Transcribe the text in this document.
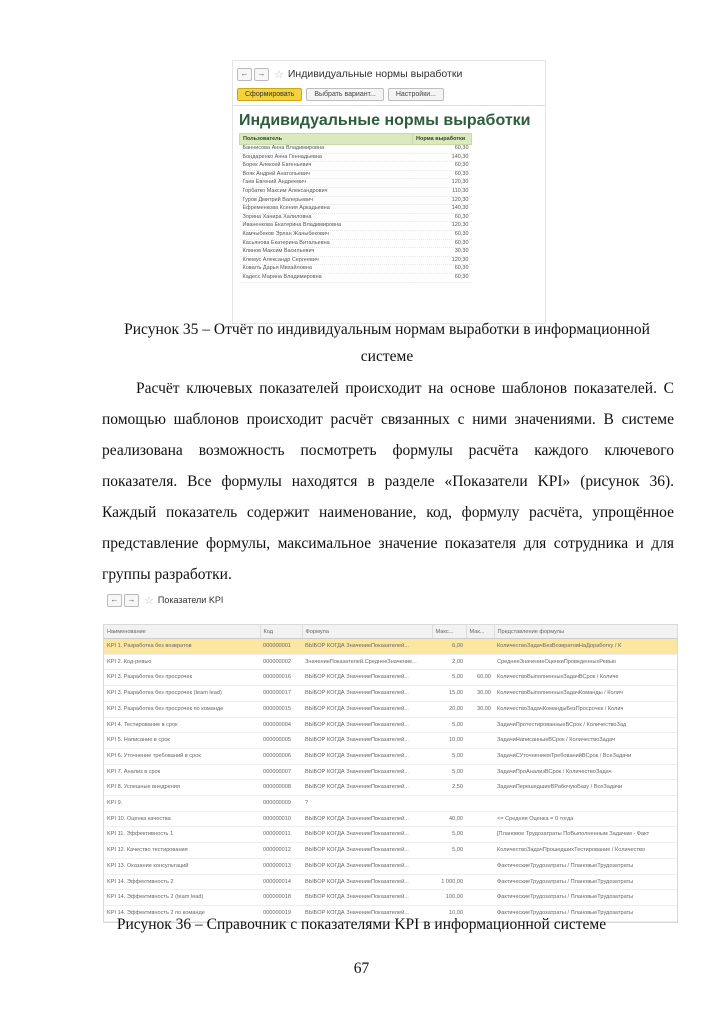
←	→ ☆ Индивидуальные нормы выработки
Сформировать	Выбрать вариант...	Настройки...
Индивидуальные нормы выработки
Пользователь	Норма выработки
Баннисова Анна Владимировна	60,30
Бондаренко Анна Геннадьевна	140,30
Борек Алексей Евгеньевич	60,30
Вояк Андрей Анатольевич	60,30
Гаев Евгений Андреевич	120,30
Горбатко Максим Александрович	110,30
Гуров Дмитрий Валерьевич	120,30
Ефременкова Ксения Аркадьевна	140,30
Зорина Ханира Халиловна	60,30
Иваненкова Екатерина Владимировна	120,30
Камчыбеков Эрлан Жаныбекович	60,30
Касьянова Екатерина Витальевна	60,30
Клинов Максим Васильевич	30,30
Клемус Александр Сергеевич	120,30
Ковалъ Дарья Михайловна	60,30
Кадесс Марина Владимировна	60,30
Рисунок 35 – Отчёт по индивидуальным нормам выработки в информационной системе
Расчёт ключевых показателей происходит на основе шаблонов показателей. С помощью шаблонов происходит расчёт связанных с ними значениями. В системе реализована возможность посмотреть формулы расчёта каждого ключевого показателя. Все формулы находятся в разделе «Показатели KPI» (рисунок 36). Каждый показатель содержит наименование, код, формулу расчёта, упрощённое представление формулы, максимальное значение показателя для сотрудника и для группы разработки.
←	→ ☆ Показатели KPI
Наименование	Код	Формула	Макс...	Мак...	Представление формулы
KPI 1. Разработка без возвратов	000000001	ВЫБОР КОГДА ЗначениеПоказателей...	6,00		КоличествоЗадачБезВозвратовНаДоработку / К
KPI 2. Код-ревью	000000002	ЗначениеПоказателей.СреднееЗначение...	2,00		СреднееЗначениеОценкиПроведенныхРевью
KPI 3. Разработка без просрочек	000000016	ВЫБОР КОГДА ЗначениеПоказателей...	5,00	60,00	КоличествоВыполненныхЗадачВСрок / Количе
KPI 3. Разработка без просрочек (team lead)	000000017	ВЫБОР КОГДА ЗначениеПоказателей...	15,00	30,00	КоличествоВыполненныхЗадачКоманды / Колич
KPI 3. Разработка без просрочек по команде	000000015	ВЫБОР КОГДА ЗначениеПоказателей...	20,00	30,00	КоличествоЗадачКомандыБезПросрочек / Колич
KPI 4. Тестирование в срок	000000004	ВЫБОР КОГДА ЗначениеПоказателей...	5,00		ЗадачиПротестированныеВСрок / КоличествоЗад
KPI 5. Написание в срок	000000005	ВЫБОР КОГДА ЗначениеПоказателей...	10,00		ЗадачиНаписанныеВСрок / КоличествоЗадач
KPI 6. Уточнение требований в срок	000000006	ВЫБОР КОГДА ЗначениеПоказателей...	5,00		ЗадачиСУточнениемТребованийВСрок / ВсеЗадачи
KPI 7. Анализ в срок	000000007	ВЫБОР КОГДА ЗначениеПоказателей...	5,00		ЗадачиПроАнализВСрок / КоличествоЗадач
KPI 8. Успешные внедрения	000000008	ВЫБОР КОГДА ЗначениеПоказателей...	2,50		ЗадачиПерешедшиеВРабочуюБазу / ВсеЗадачи
KPI 9.	000000009	?			
KPI 10. Оценка качества	000000010	ВЫБОР КОГДА ЗначениеПоказателей...	40,00		<= Средняя Оценка = 0 тогда
KPI 11. Эффективность 1	000000011	ВЫБОР КОГДА ЗначениеПоказателей...	5,00		[Плановое Трудозатраты ПоВыполненным Задачам - Факт
KPI 12. Качество тестирования	000000012	ВЫБОР КОГДА ЗначениеПоказателей...	5,00		КоличествоЗадачПрошедшихТестирование / Количество
KPI 13. Оказание консультаций	000000013	ВЫБОР КОГДА ЗначениеПоказателей...			ФактическиеТрудозатраты / ПлановыеТрудозатраты
KPI 14. Эффективность 2	000000014	ВЫБОР КОГДА ЗначениеПоказателей...	1 000,00		ФактическиеТрудозатраты / ПлановыеТрудозатраты
KPI 14. Эффективность 2 (team lead)	000000018	ВЫБОР КОГДА ЗначениеПоказателей...	100,00		ФактическиеТрудозатраты / ПлановыеТрудозатраты
KPI 14. Эффективность 2 по команде	000000019	ВЫБОР КОГДА ЗначениеПоказателей...	10,00		ФактическиеТрудозатраты / ПлановыеТрудозатраты
Рисунок 36 – Справочник с показателями KPI в информационной системе
67
